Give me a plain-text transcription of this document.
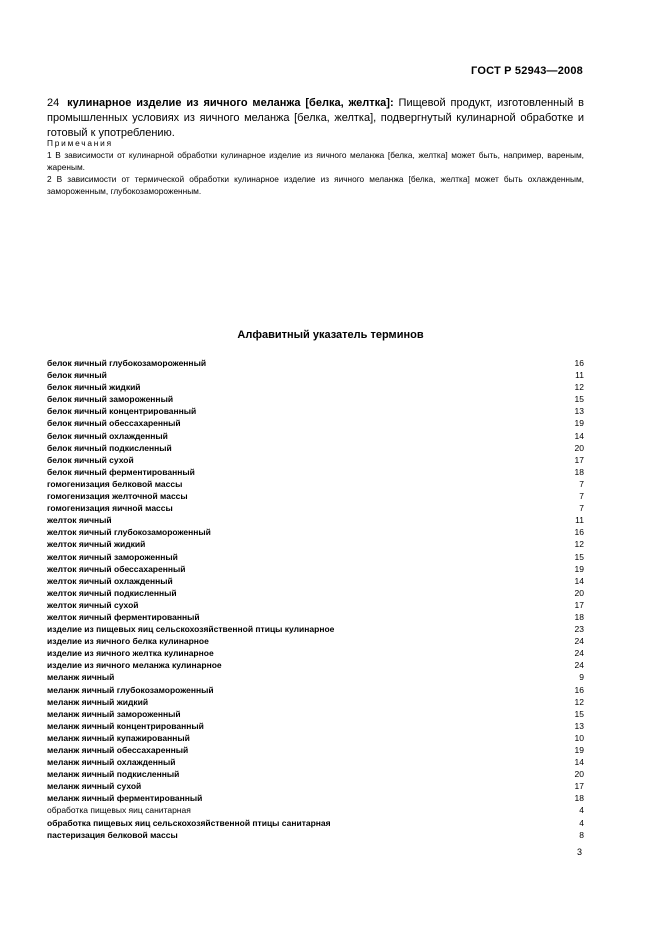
ГОСТ Р 52943—2008
24 кулинарное изделие из яичного меланжа [белка, желтка]: Пищевой продукт, изготовленный в промышленных условиях из яичного меланжа [белка, желтка], подвергнутый кулинарной обработке и готовый к употреблению.
Примечания

1 В зависимости от кулинарной обработки кулинарное изделие из яичного меланжа [белка, желтка] может быть, например, вареным, жареным.

2 В зависимости от термической обработки кулинарное изделие из яичного меланжа [белка, желтка] может быть охлажденным, замороженным, глубокозамороженным.

Алфавитный указатель терминов
белок яичный глубокозамороженный	16
белок яичный	11
белок яичный жидкий	12
белок яичный замороженный	15
белок яичный концентрированный	13
белок яичный обессахаренный	19
белок яичный охлажденный	14
белок яичный подкисленный	20
белок яичный сухой	17
белок яичный ферментированный	18
гомогенизация белковой массы	7
гомогенизация желточной массы	7
гомогенизация яичной массы	7
желток яичный	11
желток яичный глубокозамороженный	16
желток яичный жидкий	12
желток яичный замороженный	15
желток яичный обессахаренный	19
желток яичный охлажденный	14
желток яичный подкисленный	20
желток яичный сухой	17
желток яичный ферментированный	18
изделие из пищевых яиц сельскохозяйственной птицы кулинарное	23
изделие из яичного белка кулинарное	24
изделие из яичного желтка кулинарное	24
изделие из яичного меланжа кулинарное	24
меланж яичный	9
меланж яичный глубокозамороженный	16
меланж яичный жидкий	12
меланж яичный замороженный	15
меланж яичный концентрированный	13
меланж яичный купажированный	10
меланж яичный обессахаренный	19
меланж яичный охлажденный	14
меланж яичный подкисленный	20
меланж яичный сухой	17
меланж яичный ферментированный	18
обработка пищевых яиц санитарная	4
обработка пищевых яиц сельскохозяйственной птицы санитарная	4
пастеризация белковой массы	8
3
